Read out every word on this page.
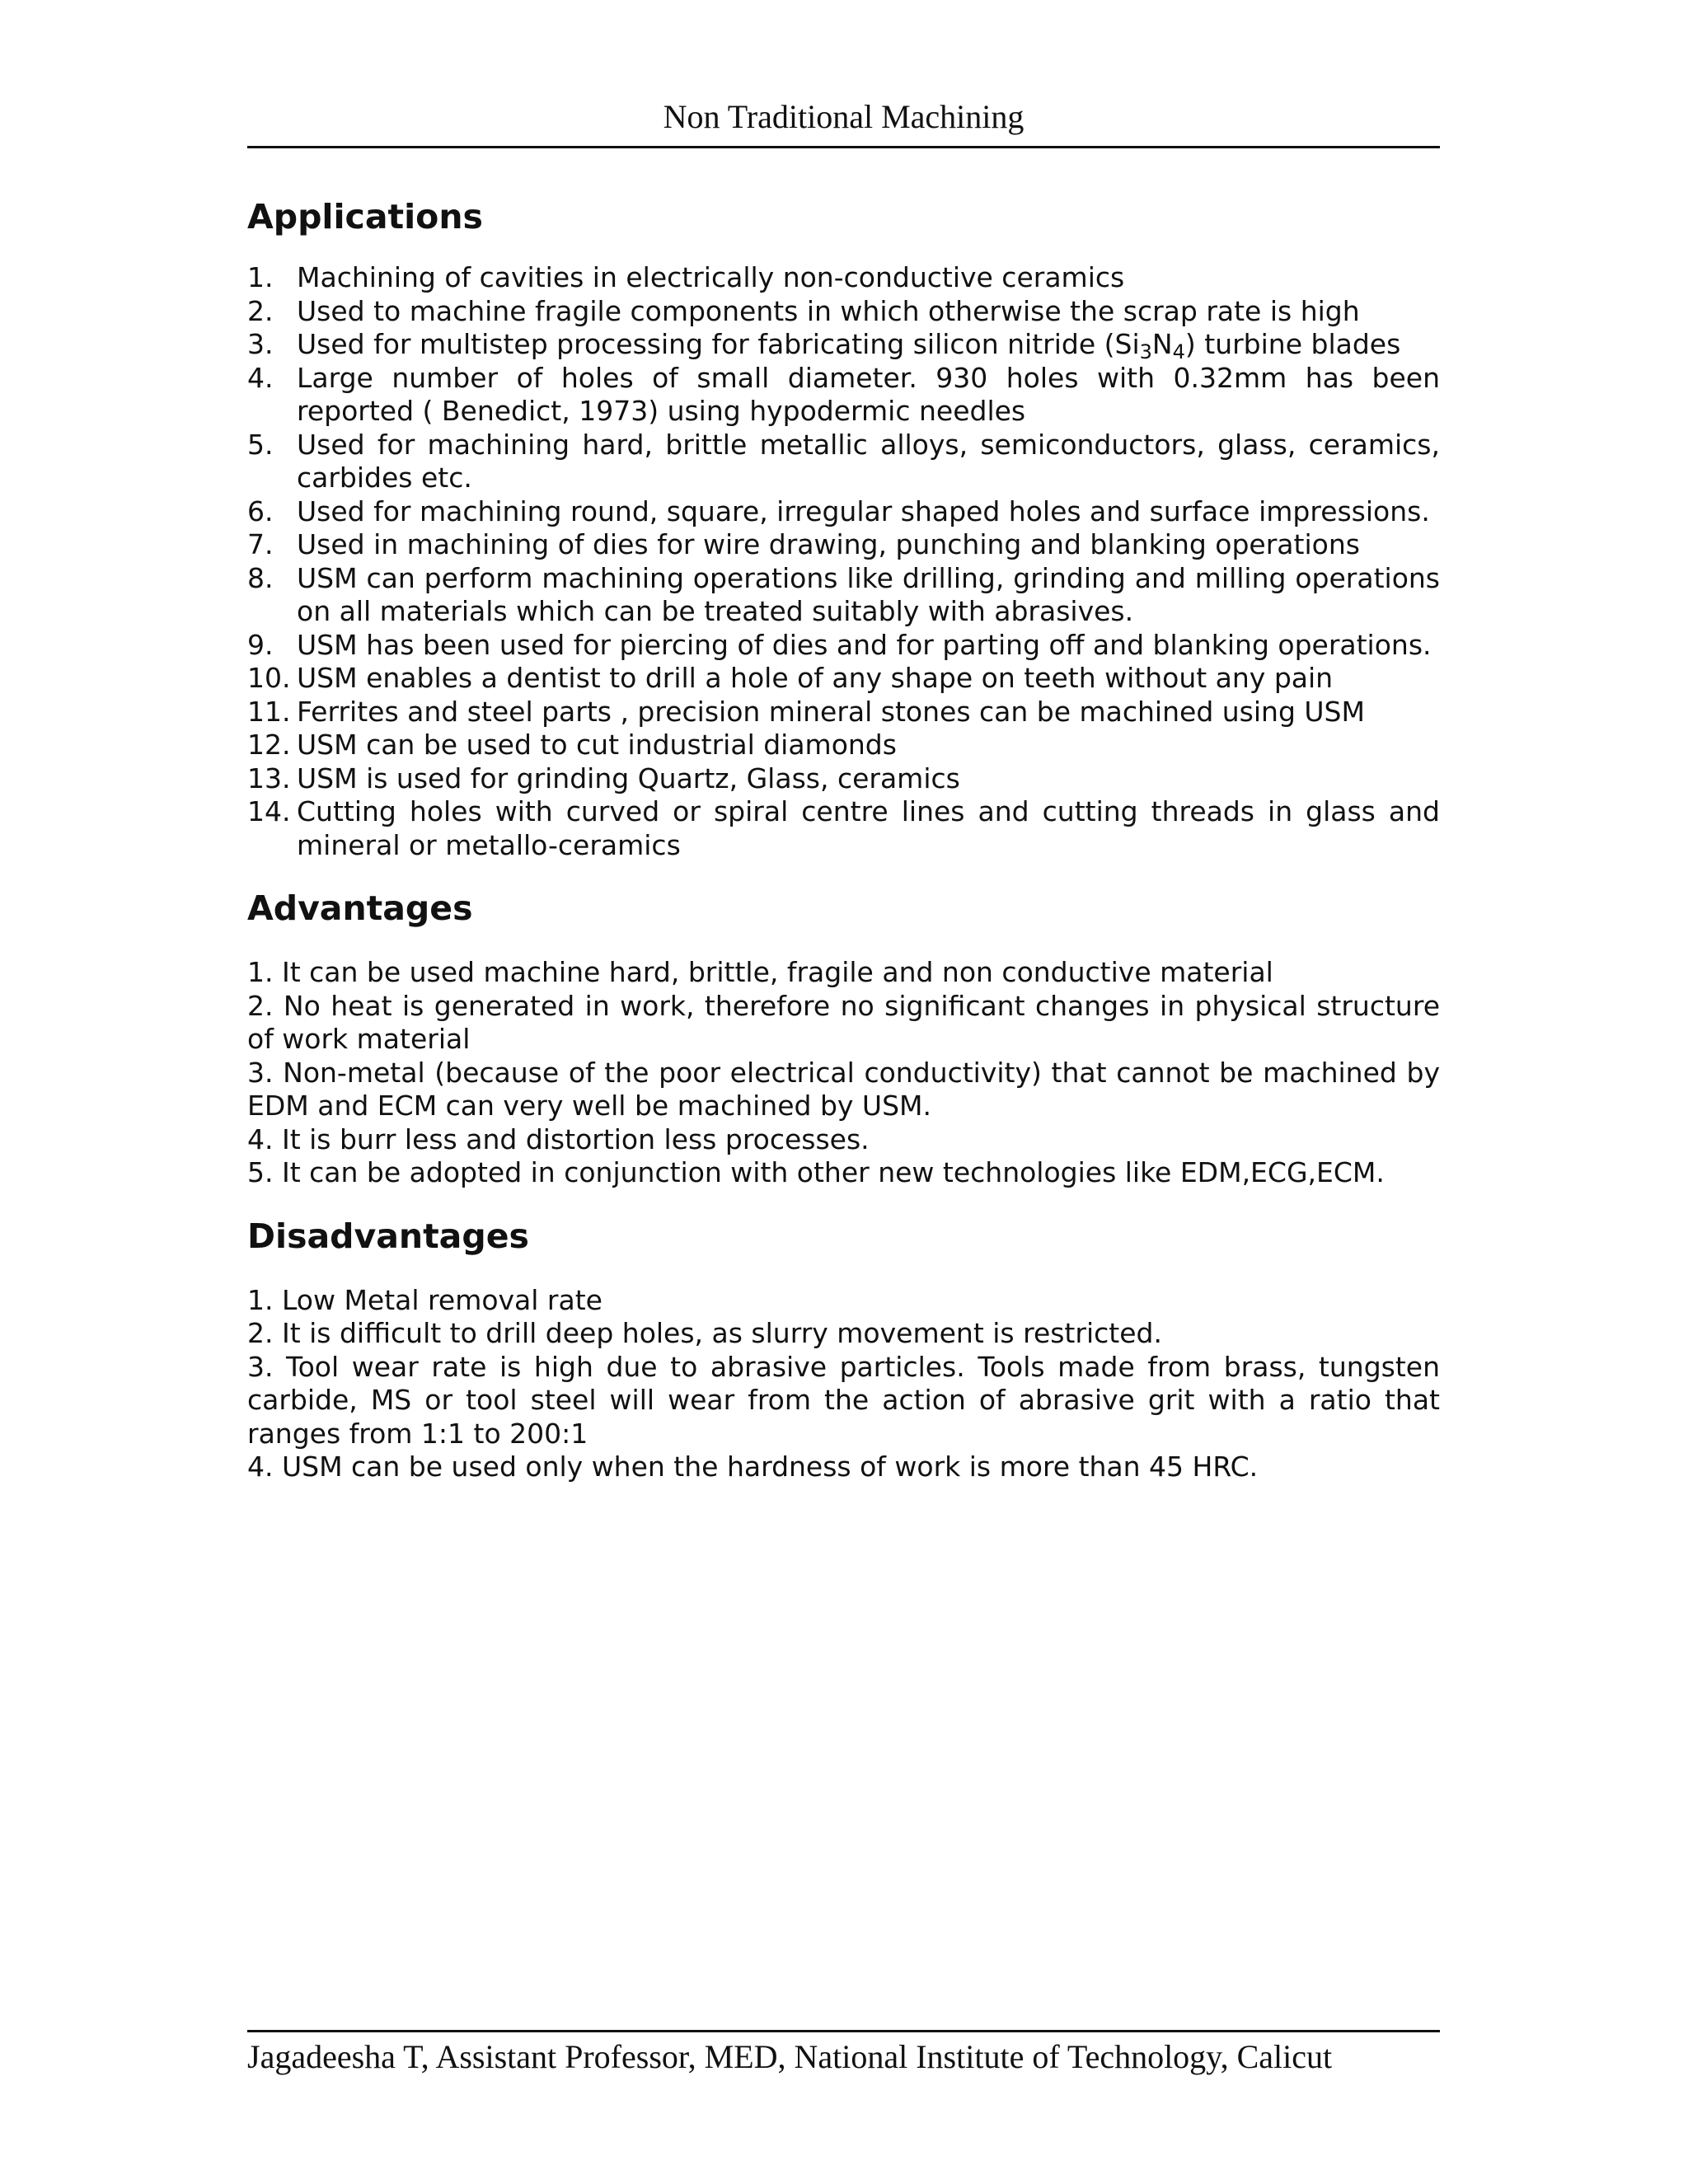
Non Traditional Machining
Applications
1. Machining of cavities in electrically non-conductive ceramics
2. Used to machine fragile components in which otherwise the scrap rate is high
3. Used for multistep processing for fabricating silicon nitride $(Si_3N_4)$ turbine blades
4. Large number of holes of small diameter. 930 holes with 0.32mm has been reported ( Benedict, 1973) using hypodermic needles
5. Used for machining hard, brittle metallic alloys, semiconductors, glass, ceramics, carbides etc.
6. Used for machining round, square, irregular shaped holes and surface impressions.
7. Used in machining of dies for wire drawing, punching and blanking operations
8. USM can perform machining operations like drilling, grinding and milling operations on all materials which can be treated suitably with abrasives.
9. USM has been used for piercing of dies and for parting off and blanking operations.
10. USM enables a dentist to drill a hole of any shape on teeth without any pain
11. Ferrites and steel parts , precision mineral stones can be machined using USM
12. USM can be used to cut industrial diamonds
13. USM is used for grinding Quartz, Glass, ceramics
14. Cutting holes with curved or spiral centre lines and cutting threads in glass and mineral or metallo-ceramics
Advantages

1. It can be used machine hard, brittle, fragile and non conductive material

2. No heat is generated in work, therefore no significant changes in physical structure of work material

3. Non-metal (because of the poor electrical conductivity) that cannot be machined by EDM and ECM can very well be machined by USM.

4. It is burr less and distortion less processes.

5. It can be adopted in conjunction with other new technologies like EDM,ECG,ECM.

Disadvantages

1. Low Metal removal rate

2. It is difficult to drill deep holes, as slurry movement is restricted.

3. Tool wear rate is high due to abrasive particles. Tools made from brass, tungsten carbide, MS or tool steel will wear from the action of abrasive grit with a ratio that ranges from 1:1 to 200:1

4. USM can be used only when the hardness of work is more than 45 HRC.

Jagadeesha T, Assistant Professor, MED, National Institute of Technology, Calicut
